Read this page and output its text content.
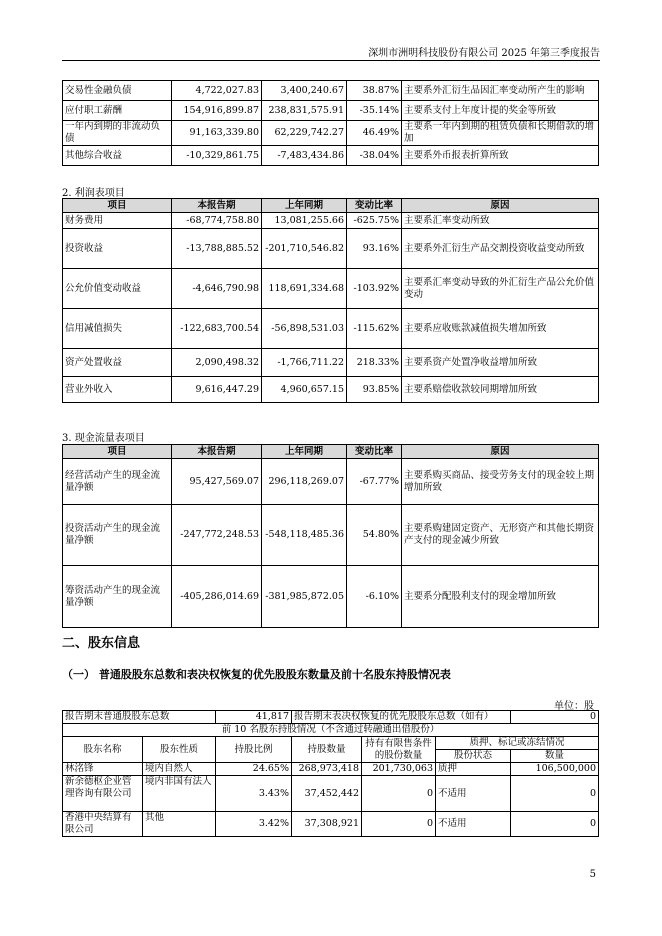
深圳市洲明科技股份有限公司 2025 年第三季度报告
交易性金融负债	4,722,027.83	3,400,240.67	38.87%	主要系外汇衍生品因汇率变动所产生的影响
应付职工薪酬	154,916,899.87	238,831,575.91	-35.14%	主要系支付上年度计提的奖金等所致
一年内到期的非流动负债	91,163,339.80	62,229,742.27	46.49%	主要系一年内到期的租赁负债和长期借款的增加
其他综合收益	-10,329,861.75	-7,483,434.86	-38.04%	主要系外币报表折算所致
2. 利润表项目
项目	本报告期	上年同期	变动比率	原因
财务费用	-68,774,758.80	13,081,255.66	-625.75%	主要系汇率变动所致
投资收益	-13,788,885.52	-201,710,546.82	93.16%	主要系外汇衍生产品交割投资收益变动所致
公允价值变动收益	-4,646,790.98	118,691,334.68	-103.92%	主要系汇率变动导致的外汇衍生产品公允价值变动
信用减值损失	-122,683,700.54	-56,898,531.03	-115.62%	主要系应收账款减值损失增加所致
资产处置收益	2,090,498.32	-1,766,711.22	218.33%	主要系资产处置净收益增加所致
营业外收入	9,616,447.29	4,960,657.15	93.85%	主要系赔偿收款较同期增加所致
3. 现金流量表项目
项目	本报告期	上年同期	变动比率	原因
经营活动产生的现金流量净额	95,427,569.07	296,118,269.07	-67.77%	主要系购买商品、接受劳务支付的现金较上期增加所致
投资活动产生的现金流量净额	-247,772,248.53	-548,118,485.36	54.80%	主要系购建固定资产、无形资产和其他长期资产支付的现金减少所致
筹资活动产生的现金流量净额	-405,286,014.69	-381,985,872.05	-6.10%	主要系分配股利支付的现金增加所致
二、股东信息
（一） 普通股股东总数和表决权恢复的优先股股东数量及前十名股东持股情况表
单位：股
报告期末普通股股东总数		41,817	报告期末表决权恢复的优先股股东总数（如有）			0
前 10 名股东持股情况（不含通过转融通出借股份）						
股东名称	股东性质	持股比例	持股数量	持有有限售条件的股份数量	质押、标记或冻结情况	
					股份状态	数量
林洺锋	境内自然人	24.65%	268,973,418	201,730,063	质押	106,500,000
新余德枢企业管理咨询有限公司	境内非国有法人	3.43%	37,452,442	0	不适用	0
香港中央结算有限公司	其他	3.42%	37,308,921	0	不适用	0
5
